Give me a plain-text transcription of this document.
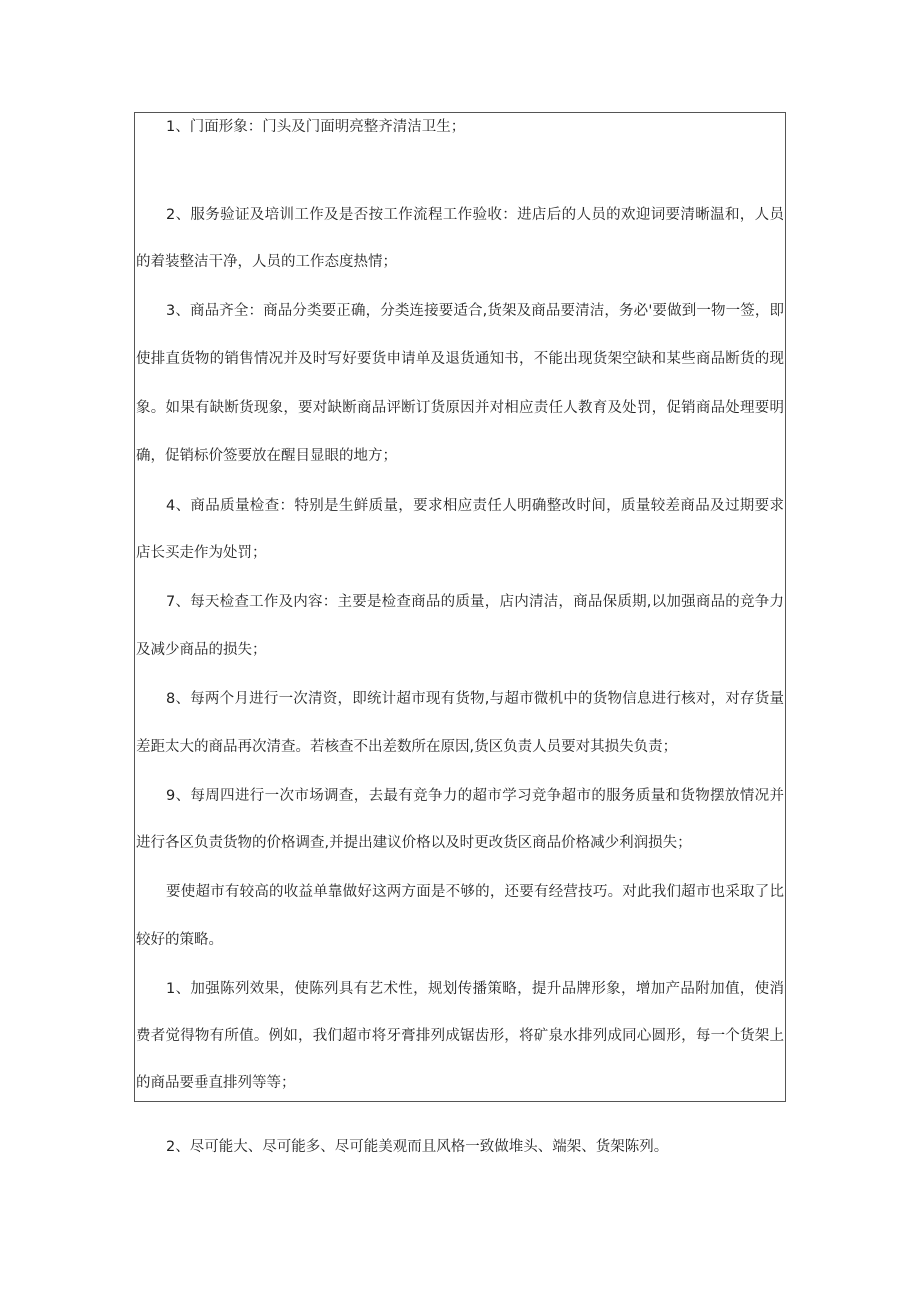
1、门面形象：门头及门面明亮整齐清洁卫生；
2、服务验证及培训工作及是否按工作流程工作验收：进店后的人员的欢迎词要清晰温和，人员
的着装整洁干净，人员的工作态度热情；
3、商品齐全：商品分类要正确，分类连接要适合,货架及商品要清洁，务必'要做到一物一签，即
使排直货物的销售情况并及时写好要货申请单及退货通知书，不能出现货架空缺和某些商品断货的现
象。如果有缺断货现象，要对缺断商品评断订货原因并对相应责任人教育及处罚，促销商品处理要明
确，促销标价签要放在醒目显眼的地方；
4、商品质量检查：特别是生鲜质量，要求相应责任人明确整改时间，质量较差商品及过期要求
店长买走作为处罚；
7、每天检查工作及内容：主要是检查商品的质量，店内清洁，商品保质期,以加强商品的竞争力
及减少商品的损失；
8、每两个月进行一次清资，即统计超市现有货物,与超市微机中的货物信息进行核对，对存货量
差距太大的商品再次清查。若核查不出差数所在原因,货区负责人员要对其损失负责；
9、每周四进行一次市场调查，去最有竞争力的超市学习竞争超市的服务质量和货物摆放情况并
进行各区负责货物的价格调查,并提出建议价格以及时更改货区商品价格减少利润损失；
要使超市有较高的收益单靠做好这两方面是不够的，还要有经营技巧。对此我们超市也采取了比
较好的策略。
1、加强陈列效果，使陈列具有艺术性，规划传播策略，提升品牌形象，增加产品附加值，使消
费者觉得物有所值。例如，我们超市将牙膏排列成锯齿形，将矿泉水排列成同心圆形，每一个货架上
的商品要垂直排列等等；
2、尽可能大、尽可能多、尽可能美观而且风格一致做堆头、端架、货架陈列。
